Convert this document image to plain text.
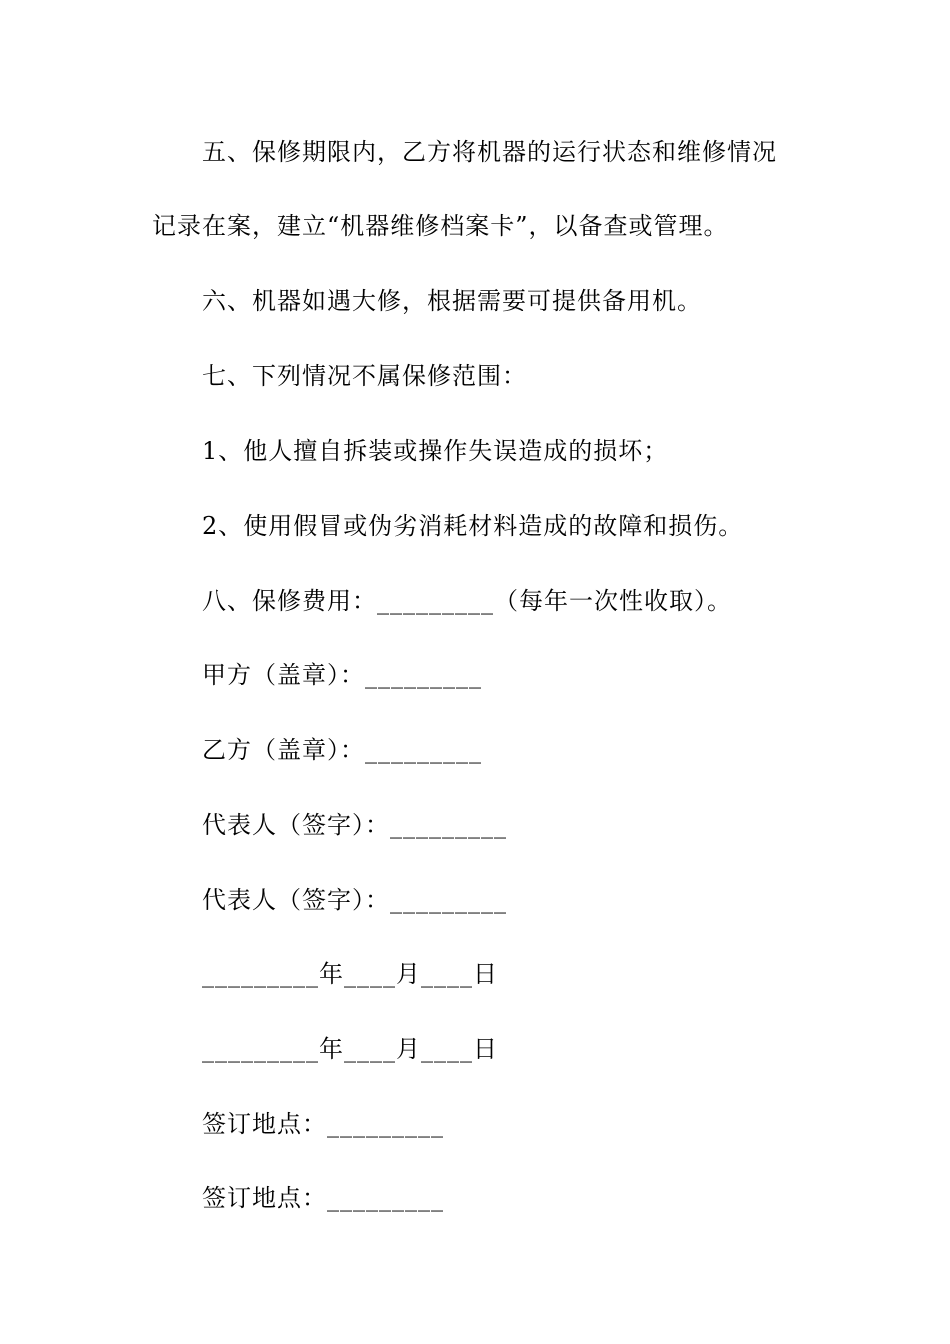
五、保修期限内，乙方将机器的运行状态和维修情况
记录在案，建立“机器维修档案卡”，以备查或管理。
六、机器如遇大修，根据需要可提供备用机。
七、下列情况不属保修范围：
1、他人擅自拆装或操作失误造成的损坏；
2、使用假冒或伪劣消耗材料造成的故障和损伤。
八、保修费用：_________（每年一次性收取）。
甲方（盖章）：_________
乙方（盖章）：_________
代表人（签字）：_________
代表人（签字）：_________
_________年____月____日
_________年____月____日
签订地点：_________
签订地点：_________
